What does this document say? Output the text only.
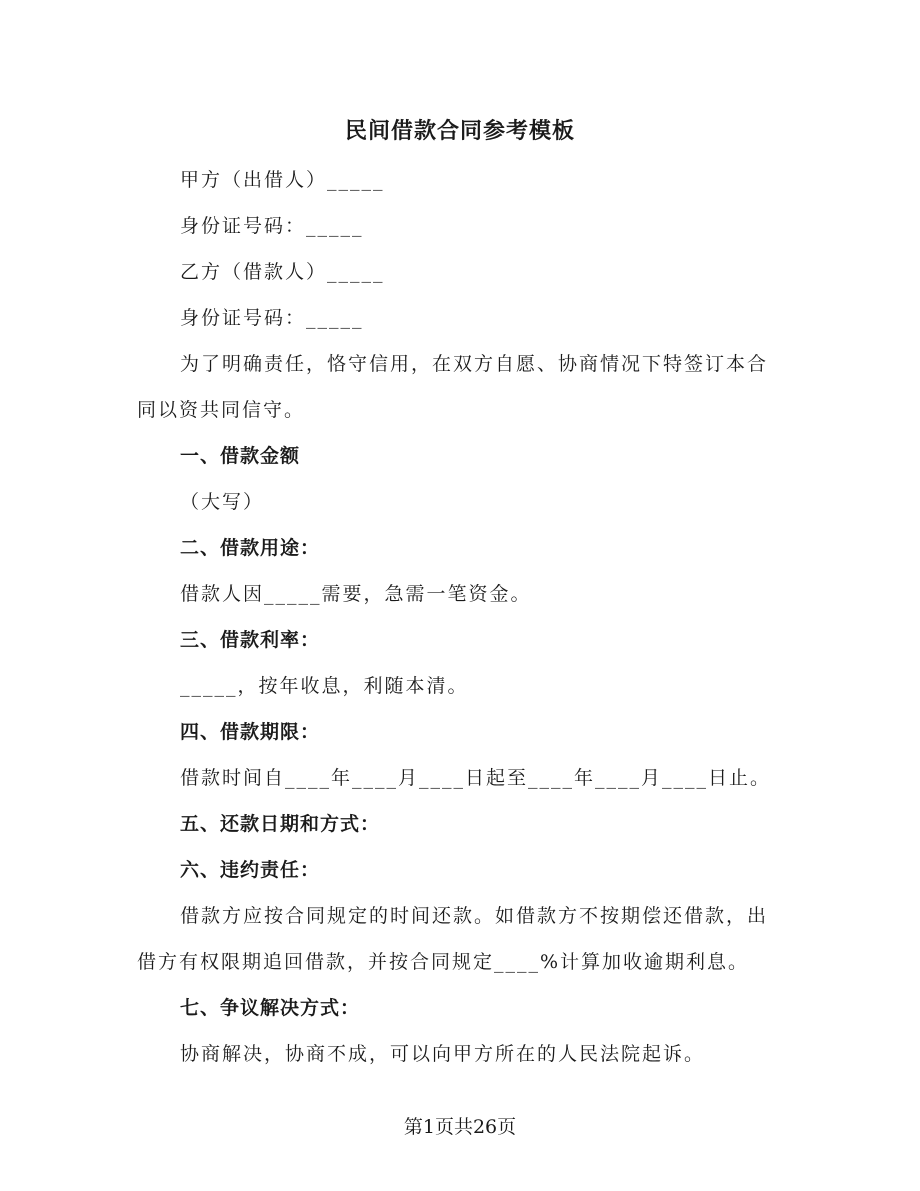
民间借款合同参考模板
甲方（出借人）_____
身份证号码：_____
乙方（借款人）_____
身份证号码：_____
为了明确责任，恪守信用，在双方自愿、协商情况下特签订本合
同以资共同信守。
一、借款金额
（大写）
二、借款用途：
借款人因_____需要，急需一笔资金。
三、借款利率：
_____，按年收息，利随本清。
四、借款期限：
借款时间自____年____月____日起至____年____月____日止。
五、还款日期和方式：
六、违约责任：
借款方应按合同规定的时间还款。如借款方不按期偿还借款，出
借方有权限期追回借款，并按合同规定____%计算加收逾期利息。
七、争议解决方式：
协商解决，协商不成，可以向甲方所在的人民法院起诉。
第1页共26页
